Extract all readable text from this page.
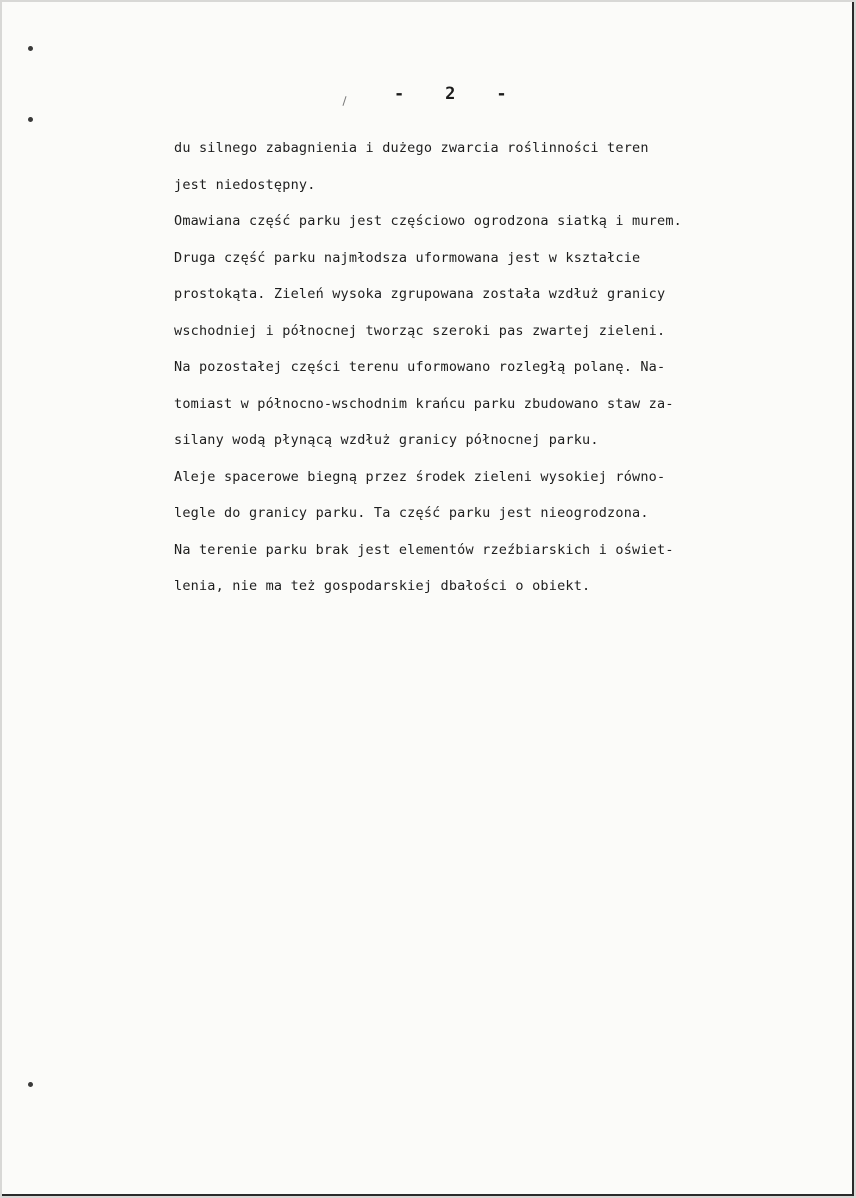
-    2    -
du silnego zabagnienia i dużego zwarcia roślinności teren
jest niedostępny.
Omawiana część parku jest częściowo ogrodzona siatką i murem.
Druga część parku najmłodsza uformowana jest w kształcie
prostokąta. Zieleń wysoka zgrupowana została wzdłuż granicy
wschodniej i północnej tworząc szeroki pas zwartej zieleni.
Na pozostałej części terenu uformowano rozległą polanę. Na-
tomiast w północno-wschodnim krańcu parku zbudowano staw za-
silany wodą płynącą wzdłuż granicy północnej parku.
Aleje spacerowe biegną przez środek zieleni wysokiej równo-
legle do granicy parku. Ta część parku jest nieogrodzona.
Na terenie parku brak jest elementów rzeźbiarskich i oświet-
lenia, nie ma też gospodarskiej dbałości o obiekt.
